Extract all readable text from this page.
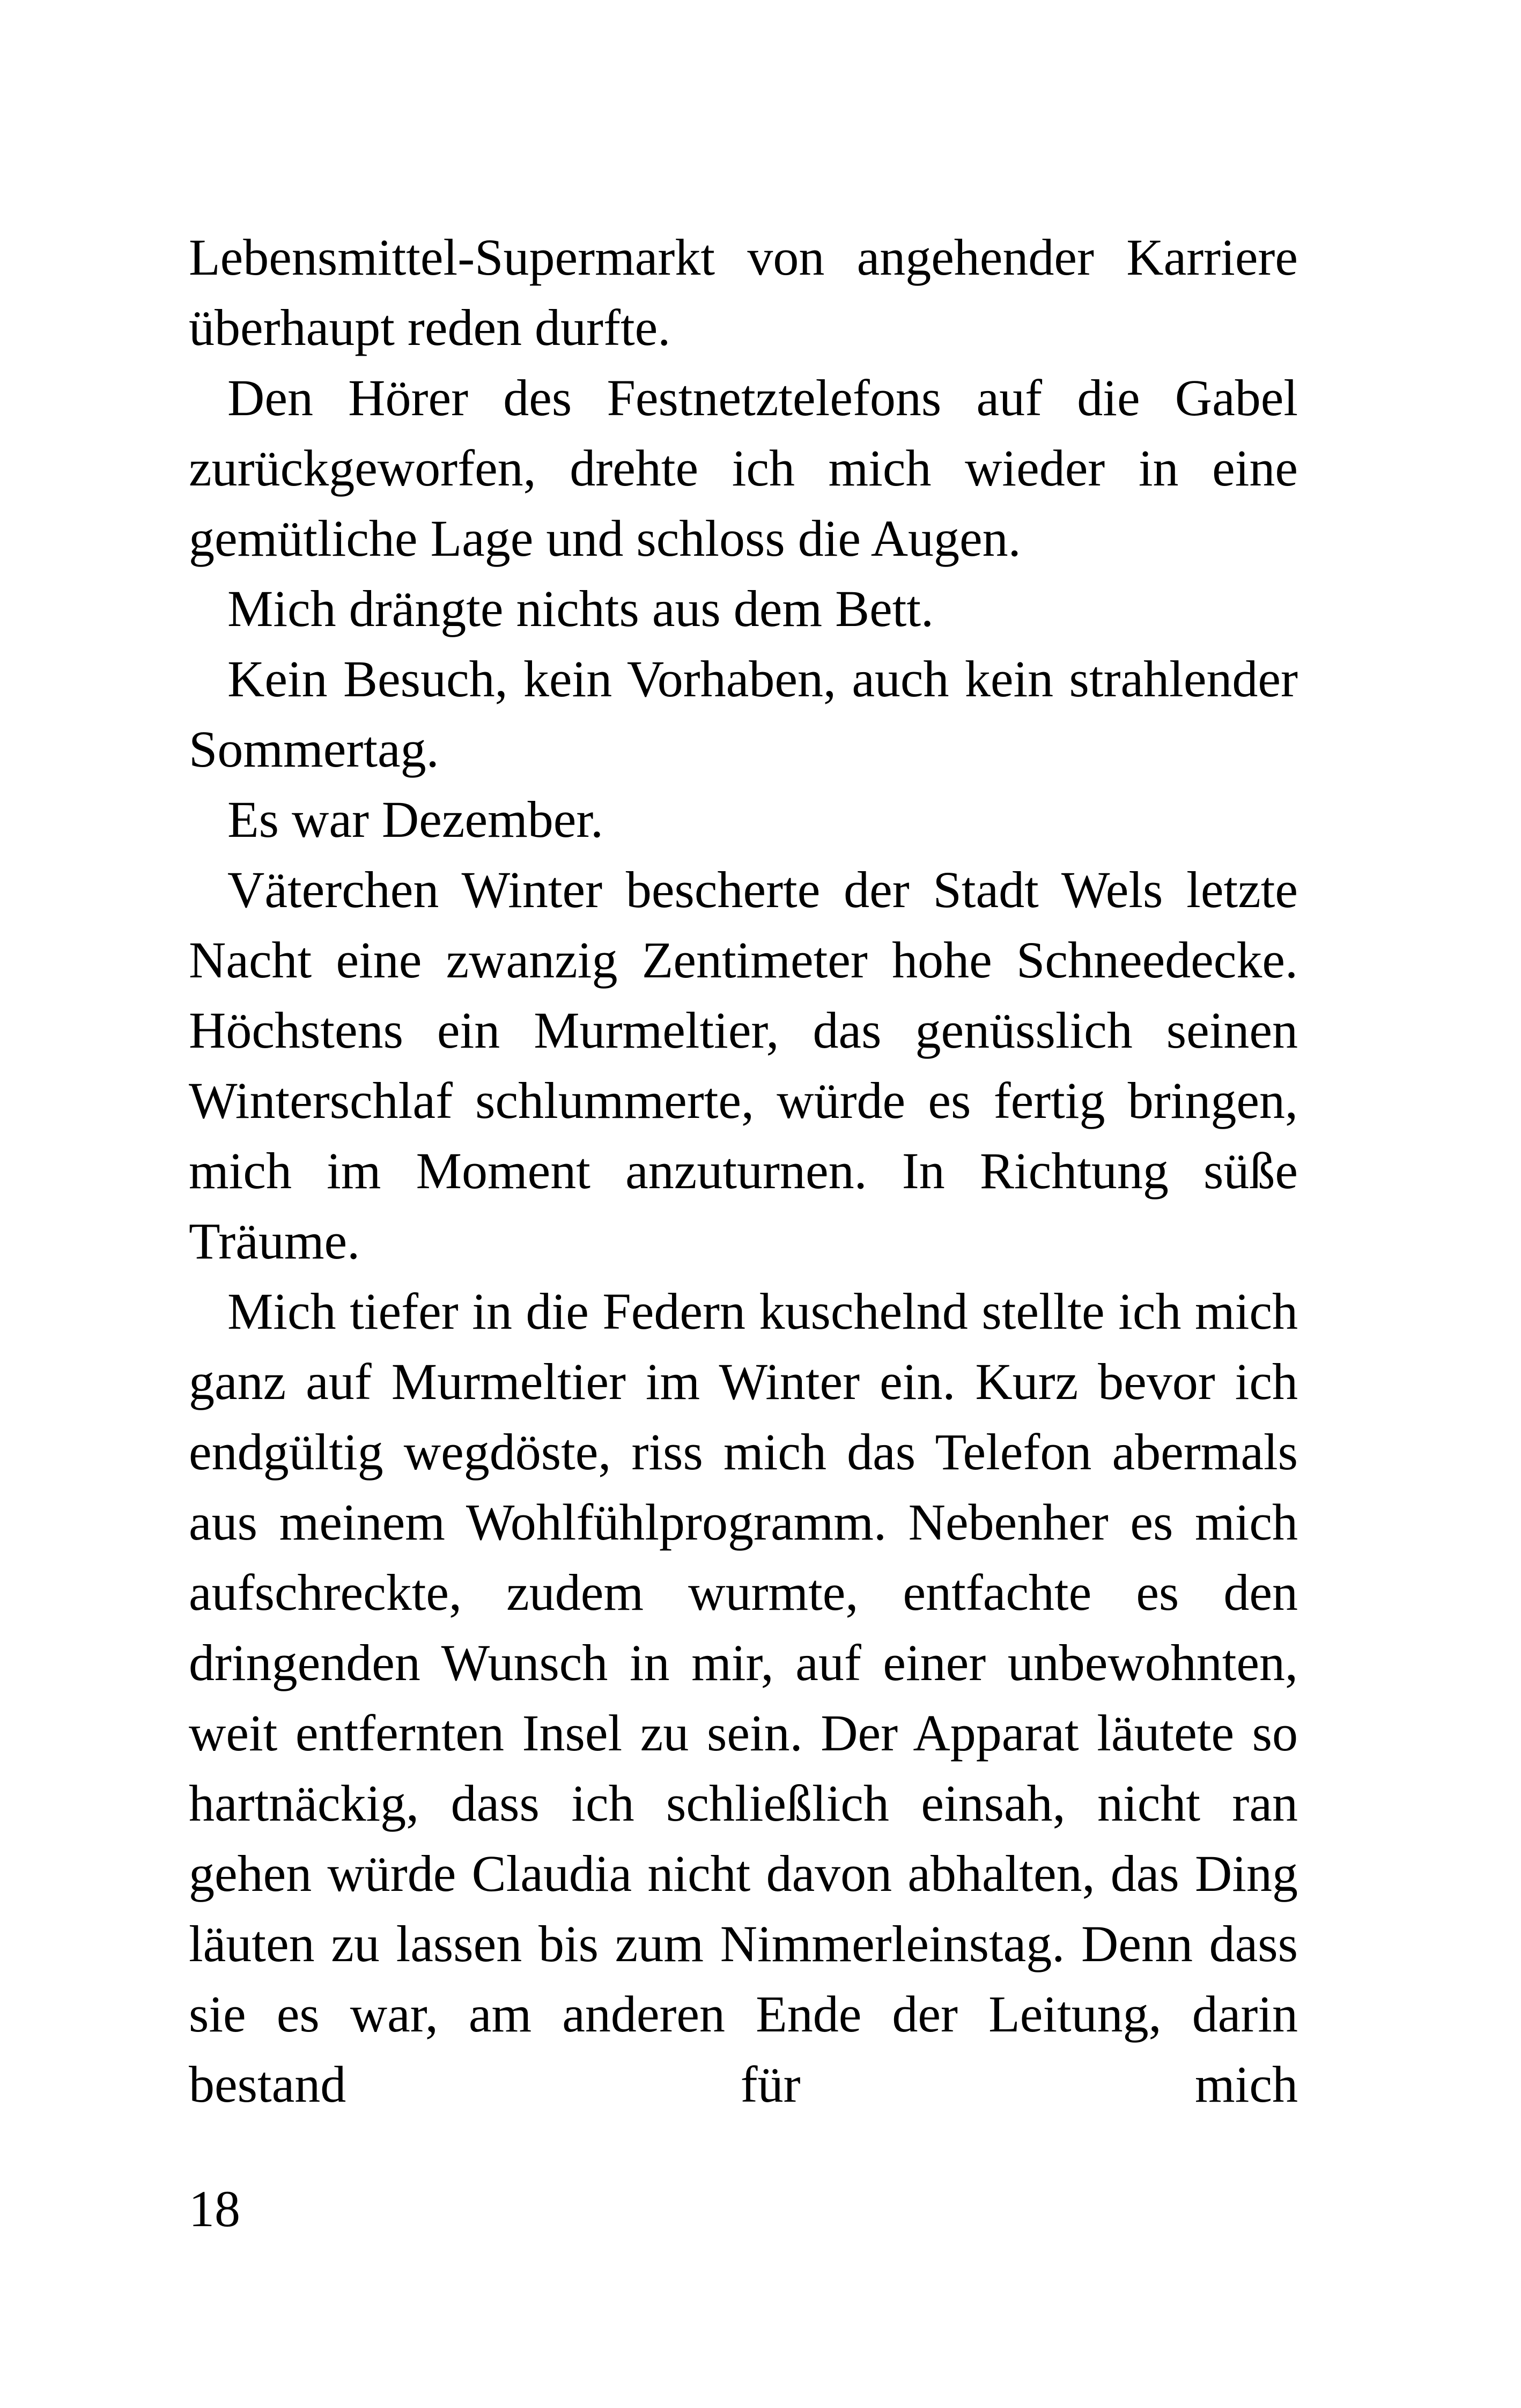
Lebensmittel-Supermarkt von angehender Karriere überhaupt reden durfte.

Den Hörer des Festnetztelefons auf die Gabel zurückgeworfen, drehte ich mich wieder in eine gemütliche Lage und schloss die Augen.

Mich drängte nichts aus dem Bett.

Kein Besuch, kein Vorhaben, auch kein strahlender Sommertag.

Es war Dezember.

Väterchen Winter bescherte der Stadt Wels letzte Nacht eine zwanzig Zentimeter hohe Schneedecke. Höchstens ein Murmeltier, das genüsslich seinen Winterschlaf schlummerte, würde es fertig bringen, mich im Moment anzuturnen. In Richtung süße Träume.

Mich tiefer in die Federn kuschelnd stellte ich mich ganz auf Murmeltier im Winter ein. Kurz bevor ich endgültig wegdöste, riss mich das Telefon abermals aus meinem Wohlfühlprogramm. Nebenher es mich aufschreckte, zudem wurmte, entfachte es den dringenden Wunsch in mir, auf einer unbewohnten, weit entfernten Insel zu sein. Der Apparat läutete so hartnäckig, dass ich schließlich einsah, nicht ran gehen würde Claudia nicht davon abhalten, das Ding läuten zu lassen bis zum Nimmerleinstag. Denn dass sie es war, am anderen Ende der Leitung, darin bestand für mich

18
